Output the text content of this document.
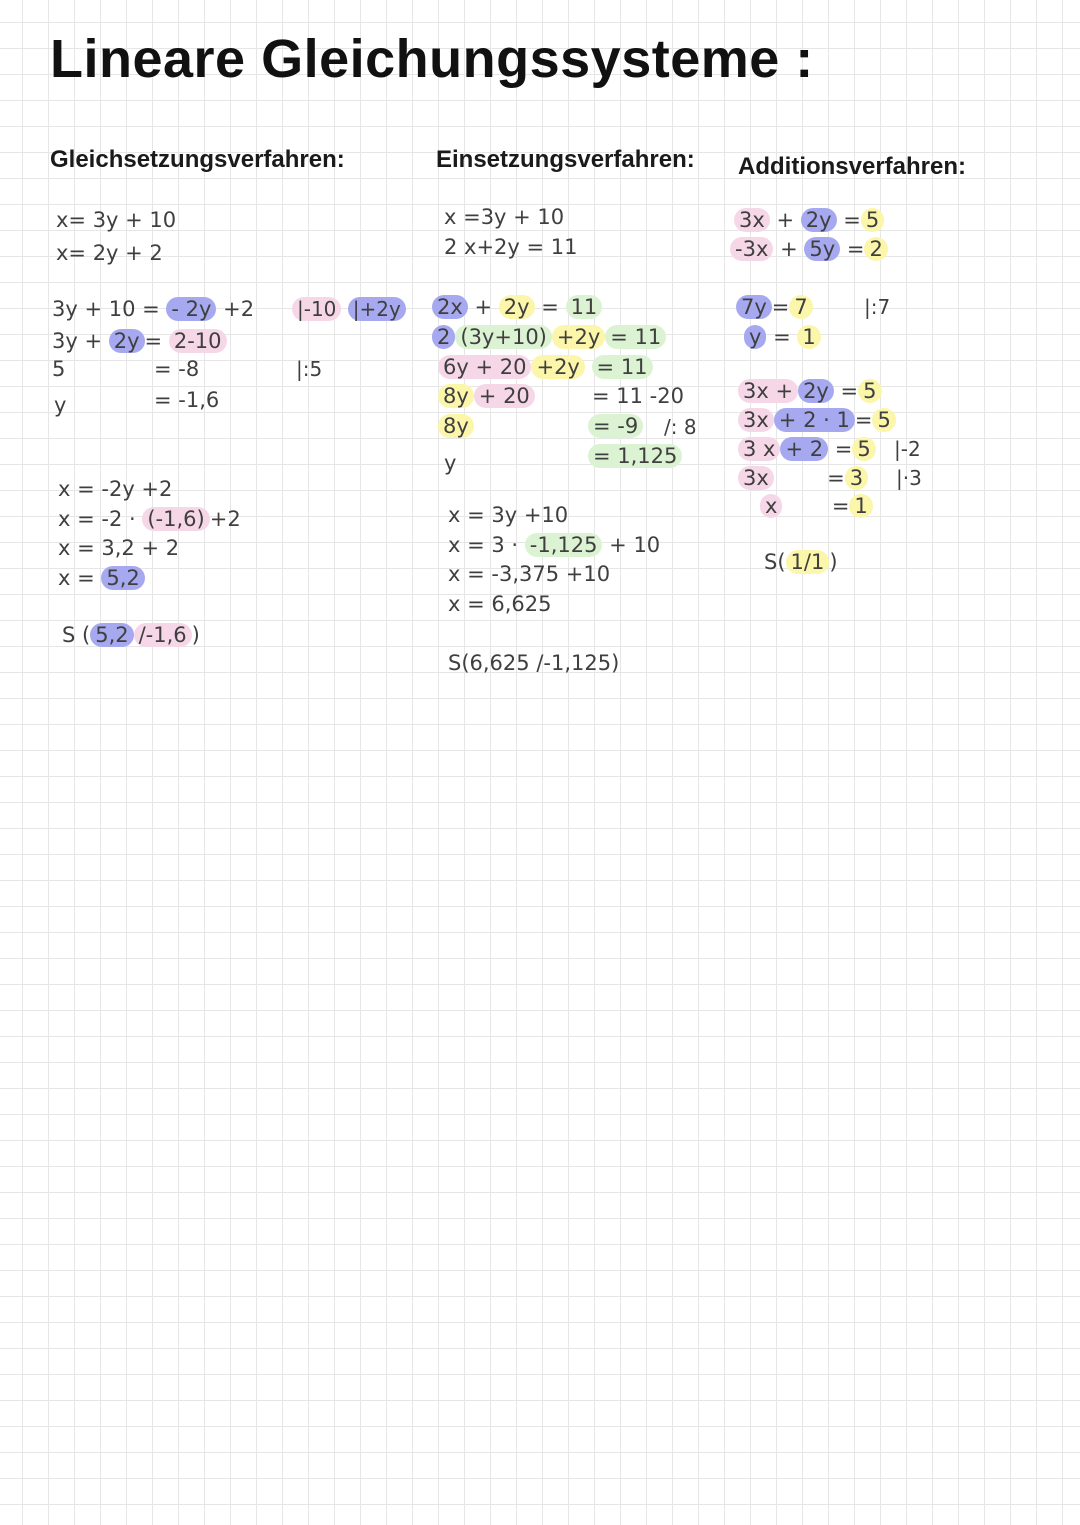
Lineare Gleichungssysteme :
Gleichsetzungsverfahren:
x= 3y + 10
x= 2y + 2
3y + 10 = - 2y +2 |-10 |+2y
3y + 2y = 2-10
5	= -8	|:5
y	= -1,6
x = -2y +2
x = -2 · (-1,6) +2
x = 3,2 + 2
x = 5,2
S ( 5,2 /-1,6 )
Einsetzungsverfahren:
x =3y + 10
2 x+2y = 11
2x + 2y = 11
2 (3y+10) +2y = 11
6y + 20 +2y = 11
8y + 20	= 11 -20
8y	= -9 /: 8
y	= 1,125
x = 3y +10
x = 3 · -1,125 + 10
x = -3,375 +10
x = 6,625
S(6,625 /-1,125)
Additionsverfahren:
3x + 2y = 5
-3x + 5y = 2
7y = 7	|:7
y = 1
3x + 2y = 5
3x + 2 · 1 = 5
3 x + 2 = 5 |-2
3x	= 3 |·3
x	= 1
S( 1/1 )
